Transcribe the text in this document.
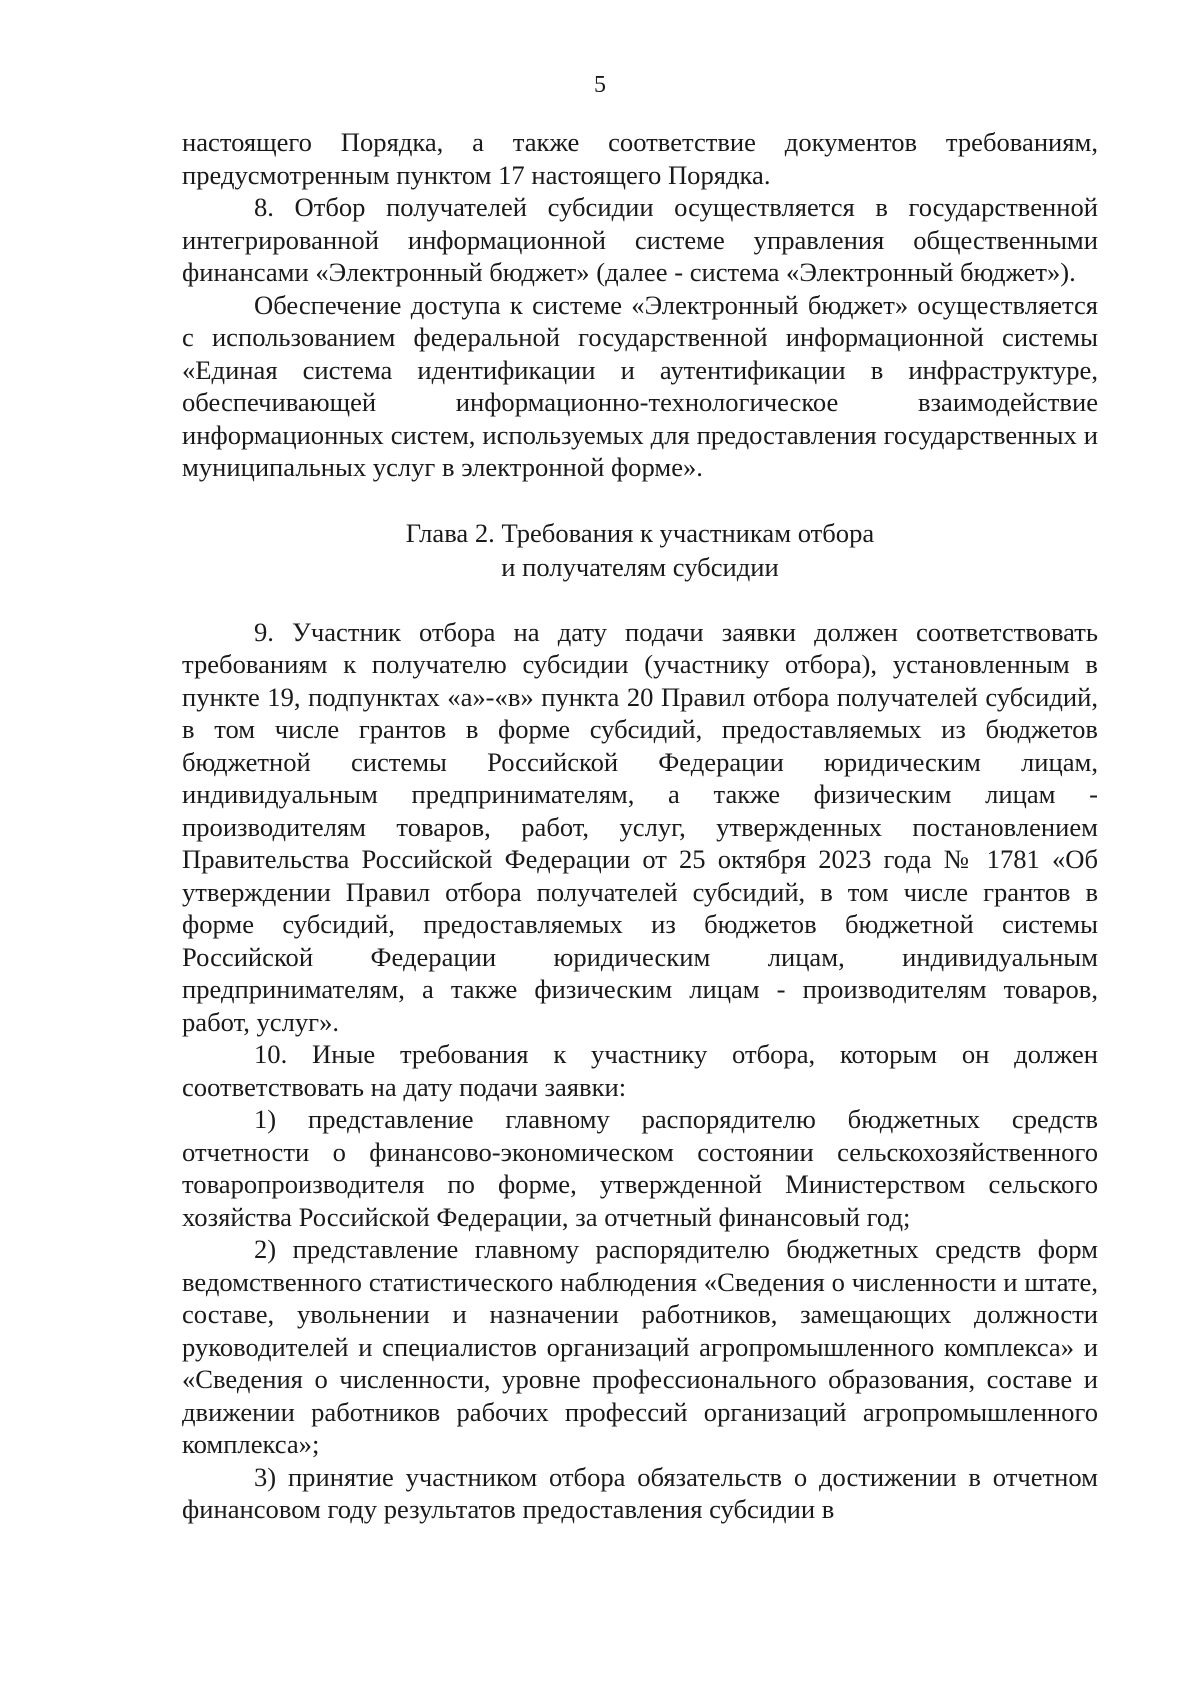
5

настоящего Порядка, а также соответствие документов требованиям, предусмотренным пунктом 17 настоящего Порядка.

8. Отбор получателей субсидии осуществляется в государственной интегрированной информационной системе управления общественными финансами «Электронный бюджет» (далее - система «Электронный бюджет»).

Обеспечение доступа к системе «Электронный бюджет» осуществляется с использованием федеральной государственной информационной системы «Единая система идентификации и аутентификации в инфраструктуре, обеспечивающей информационно-технологическое взаимодействие информационных систем, используемых для предоставления государственных и муниципальных услуг в электронной форме».

Глава 2. Требования к участникам отбора
и получателям субсидии

9. Участник отбора на дату подачи заявки должен соответствовать требованиям к получателю субсидии (участнику отбора), установленным в пункте 19, подпунктах «а»-«в» пункта 20 Правил отбора получателей субсидий, в том числе грантов в форме субсидий, предоставляемых из бюджетов бюджетной системы Российской Федерации юридическим лицам, индивидуальным предпринимателям, а также физическим лицам - производителям товаров, работ, услуг, утвержденных постановлением Правительства Российской Федерации от 25 октября 2023 года № 1781 «Об утверждении Правил отбора получателей субсидий, в том числе грантов в форме субсидий, предоставляемых из бюджетов бюджетной системы Российской Федерации юридическим лицам, индивидуальным предпринимателям, а также физическим лицам - производителям товаров, работ, услуг».

10. Иные требования к участнику отбора, которым он должен соответствовать на дату подачи заявки:

1) представление главному распорядителю бюджетных средств отчетности о финансово-экономическом состоянии сельскохозяйственного товаропроизводителя по форме, утвержденной Министерством сельского хозяйства Российской Федерации, за отчетный финансовый год;

2) представление главному распорядителю бюджетных средств форм ведомственного статистического наблюдения «Сведения о численности и штате, составе, увольнении и назначении работников, замещающих должности руководителей и специалистов организаций агропромышленного комплекса» и «Сведения о численности, уровне профессионального образования, составе и движении работников рабочих профессий организаций агропромышленного комплекса»;

3) принятие участником отбора обязательств о достижении в отчетном финансовом году результатов предоставления субсидии в
